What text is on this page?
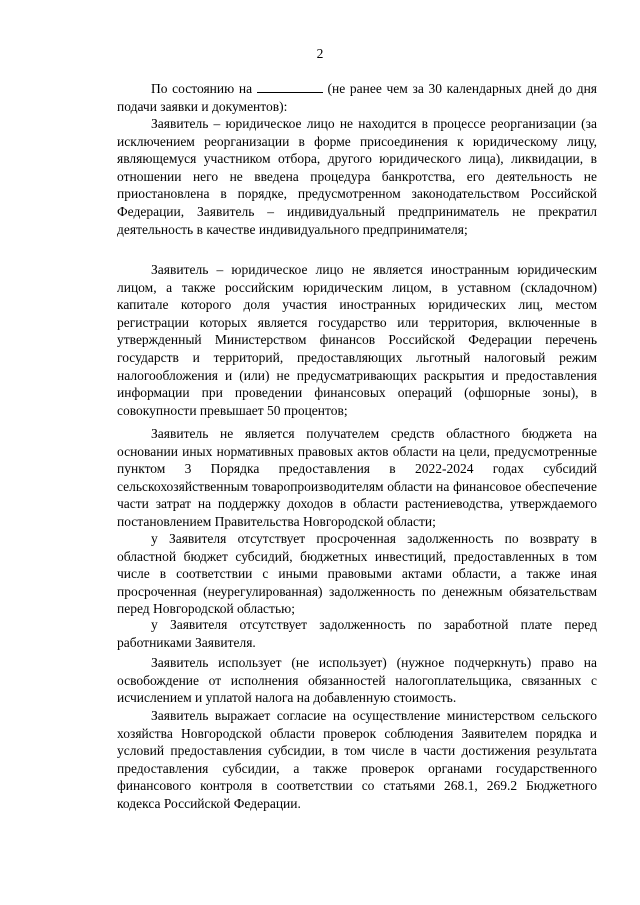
2
По состоянию на	(не ранее чем за 30 календарных дней до дня подачи заявки и документов):
Заявитель – юридическое лицо не находится в процессе реорганизации (за исключением реорганизации в форме присоединения к юридическому лицу, являющемуся участником отбора, другого юридического лица), ликвидации, в отношении него не введена процедура банкротства, его деятельность не приостановлена в порядке, предусмотренном законодательством Российской Федерации, Заявитель – индивидуальный предприниматель не прекратил деятельность в качестве индивидуального предпринимателя;
Заявитель – юридическое лицо не является иностранным юридическим лицом, а также российским юридическим лицом, в уставном (складочном) капитале которого доля участия иностранных юридических лиц, местом регистрации которых является государство или территория, включенные в утвержденный Министерством финансов Российской Федерации перечень государств и территорий, предоставляющих льготный налоговый режим налогообложения и (или) не предусматривающих раскрытия и предоставления информации при проведении финансовых операций (офшорные зоны), в совокупности превышает 50 процентов;
Заявитель не является получателем средств областного бюджета на основании иных нормативных правовых актов области на цели, предусмотренные пунктом 3 Порядка предоставления в 2022-2024 годах субсидий сельскохозяйственным товаропроизводителям области на финансовое обеспечение части затрат на поддержку доходов в области растениеводства, утверждаемого постановлением Правительства Новгородской области;
у Заявителя отсутствует просроченная задолженность по возврату в областной бюджет субсидий, бюджетных инвестиций, предоставленных в том числе в соответствии с иными правовыми актами области, а также иная просроченная (неурегулированная) задолженность по денежным обязательствам перед Новгородской областью;
у Заявителя отсутствует задолженность по заработной плате перед работниками Заявителя.
Заявитель использует (не использует) (нужное подчеркнуть) право на освобождение от исполнения обязанностей налогоплательщика, связанных с исчислением и уплатой налога на добавленную стоимость.
Заявитель выражает согласие на осуществление министерством сельского хозяйства Новгородской области проверок соблюдения Заявителем порядка и условий предоставления субсидии, в том числе в части достижения результата предоставления субсидии, а также проверок органами государственного финансового контроля в соответствии со статьями 268.1, 269.2 Бюджетного кодекса Российской Федерации.
